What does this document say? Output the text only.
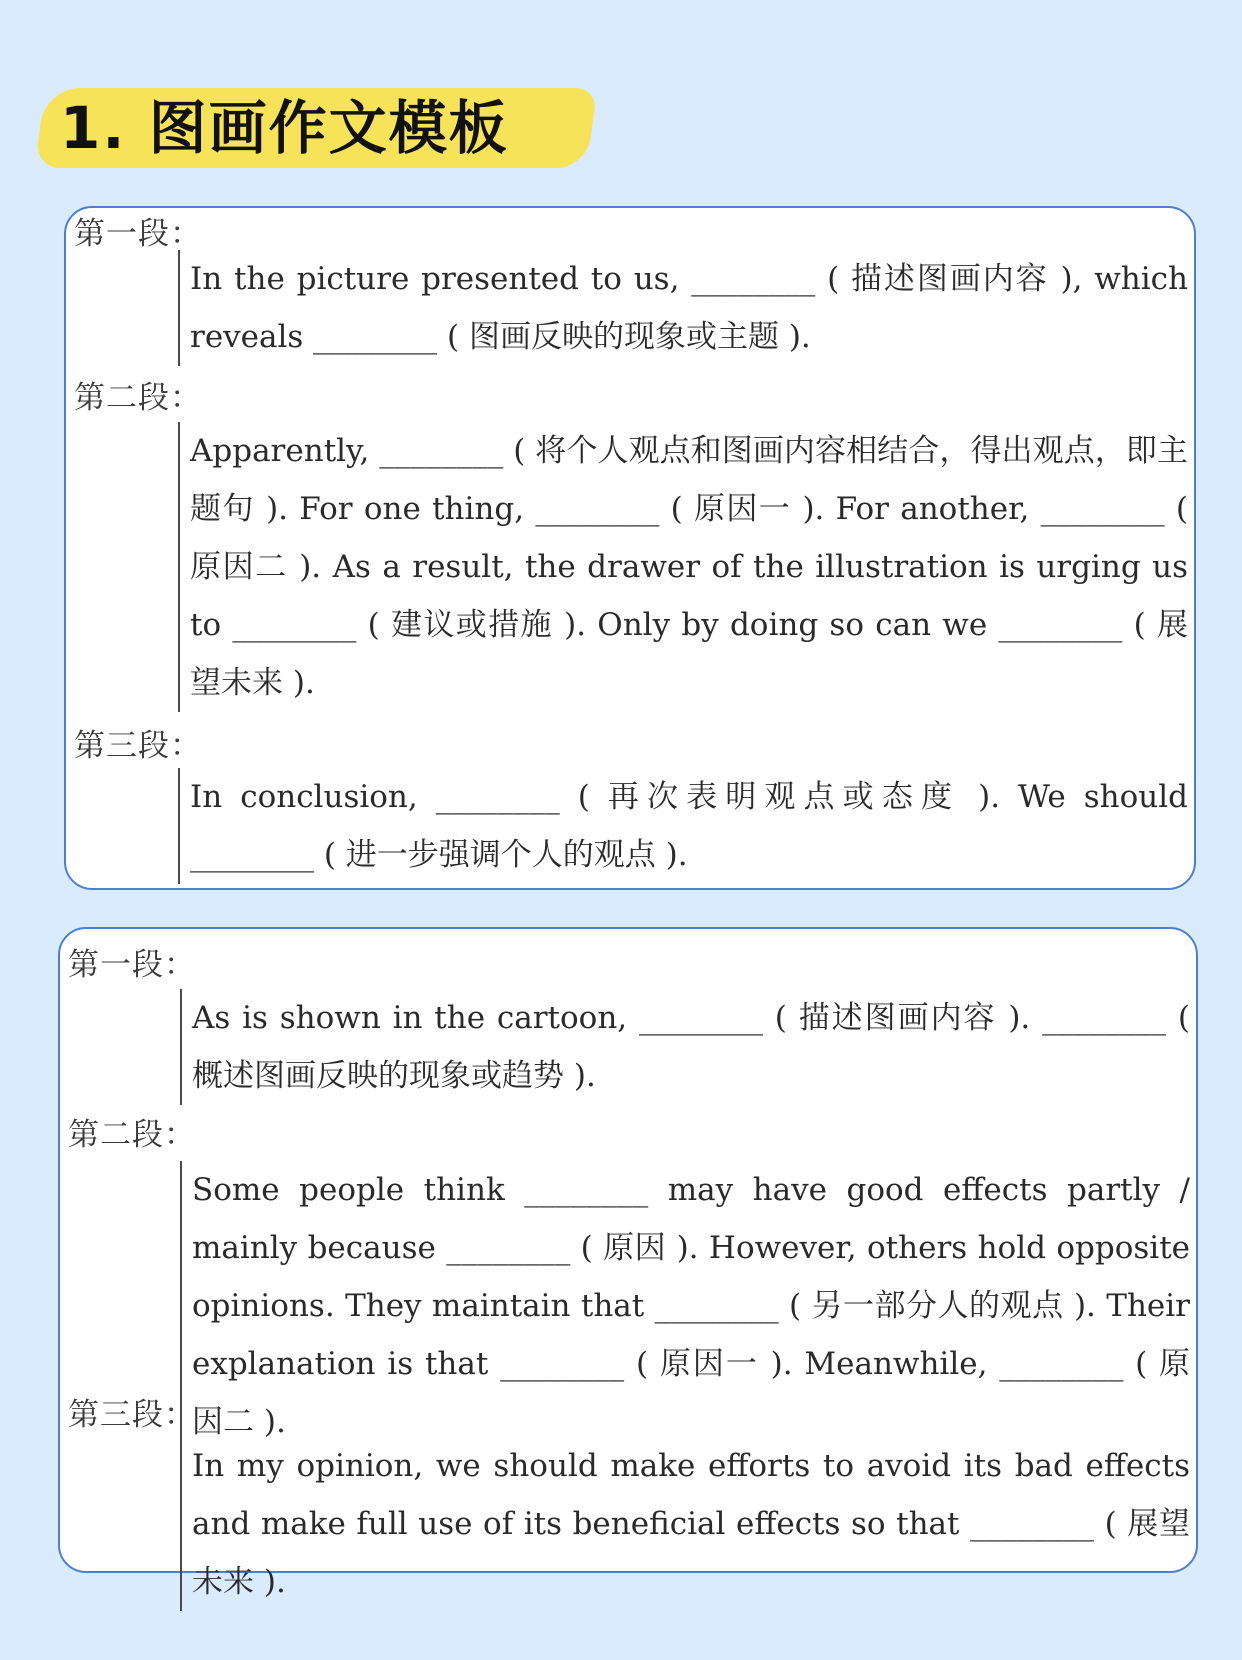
1. 图画作文模板
第一段：
In the picture presented to us, ________ ( 描述图画内容 ), which reveals ________ ( 图画反映的现象或主题 ).
第二段：
Apparently, ________ ( 将个人观点和图画内容相结合，得出观点，即主题句 ). For one thing, ________ ( 原因一 ). For another, ________ ( 原因二 ). As a result, the drawer of the illustration is urging us to ________ ( 建议或措施 ). Only by doing so can we ________ ( 展望未来 ).
第三段：
In conclusion, ________ ( 再次表明观点或态度 ). We should ________ ( 进一步强调个人的观点 ).
第一段：
As is shown in the cartoon, ________ ( 描述图画内容 ). ________ ( 概述图画反映的现象或趋势 ).
第二段：
Some people think ________ may have good effects partly / mainly because ________ ( 原因 ). However, others hold opposite opinions. They maintain that ________ ( 另一部分人的观点 ). Their explanation is that ________ ( 原因一 ). Meanwhile, ________ ( 原因二 ).
第三段：
In my opinion, we should make efforts to avoid its bad effects and make full use of its beneficial effects so that ________ ( 展望未来 ).
